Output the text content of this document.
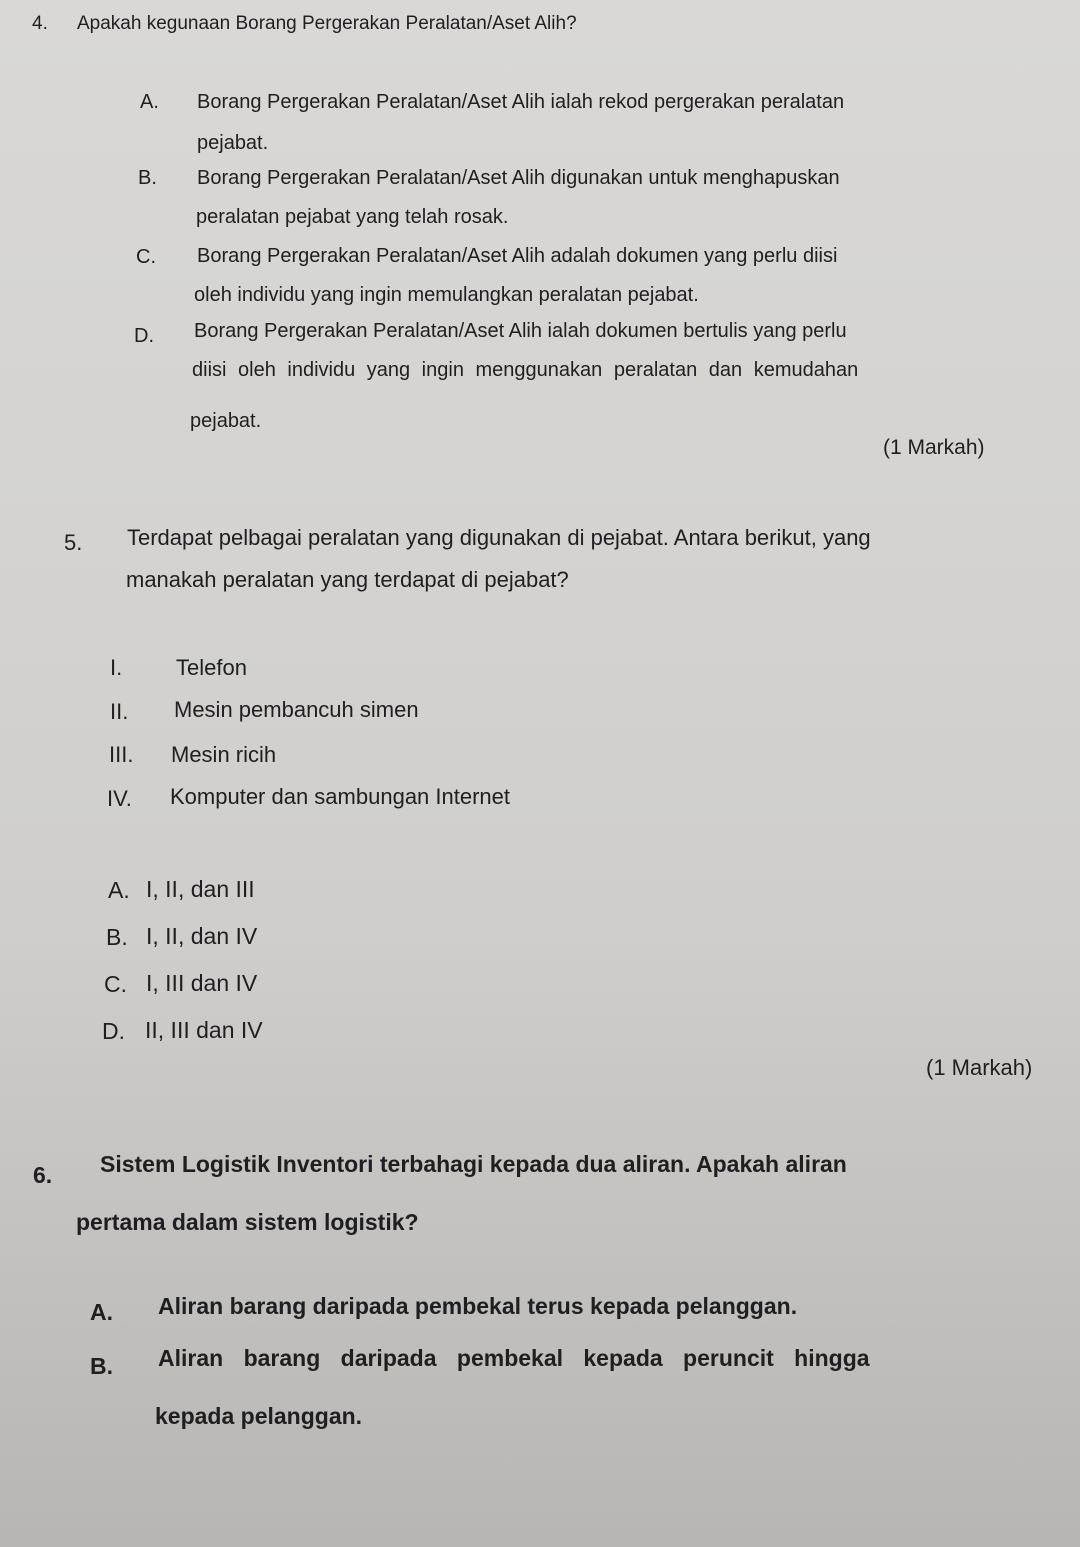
4. Apakah kegunaan Borang Pergerakan Peralatan/Aset Alih?
A. Borang Pergerakan Peralatan/Aset Alih ialah rekod pergerakan peralatan
pejabat.
B. Borang Pergerakan Peralatan/Aset Alih digunakan untuk menghapuskan
peralatan pejabat yang telah rosak.
C. Borang Pergerakan Peralatan/Aset Alih adalah dokumen yang perlu diisi
oleh individu yang ingin memulangkan peralatan pejabat.
D. Borang Pergerakan Peralatan/Aset Alih ialah dokumen bertulis yang perlu
diisi oleh individu yang ingin menggunakan peralatan dan kemudahan
pejabat.
(1 Markah)
5. Terdapat pelbagai peralatan yang digunakan di pejabat. Antara berikut, yang
manakah peralatan yang terdapat di pejabat?
I. Telefon
II. Mesin pembancuh simen
III. Mesin ricih
IV. Komputer dan sambungan Internet
A. I, II, dan III
B. I, II, dan IV
C. I, III dan IV
D. II, III dan IV
(1 Markah)
6. Sistem Logistik Inventori terbahagi kepada dua aliran. Apakah aliran
pertama dalam sistem logistik?
A. Aliran barang daripada pembekal terus kepada pelanggan.
B. Aliran barang daripada pembekal kepada peruncit hingga
kepada pelanggan.
